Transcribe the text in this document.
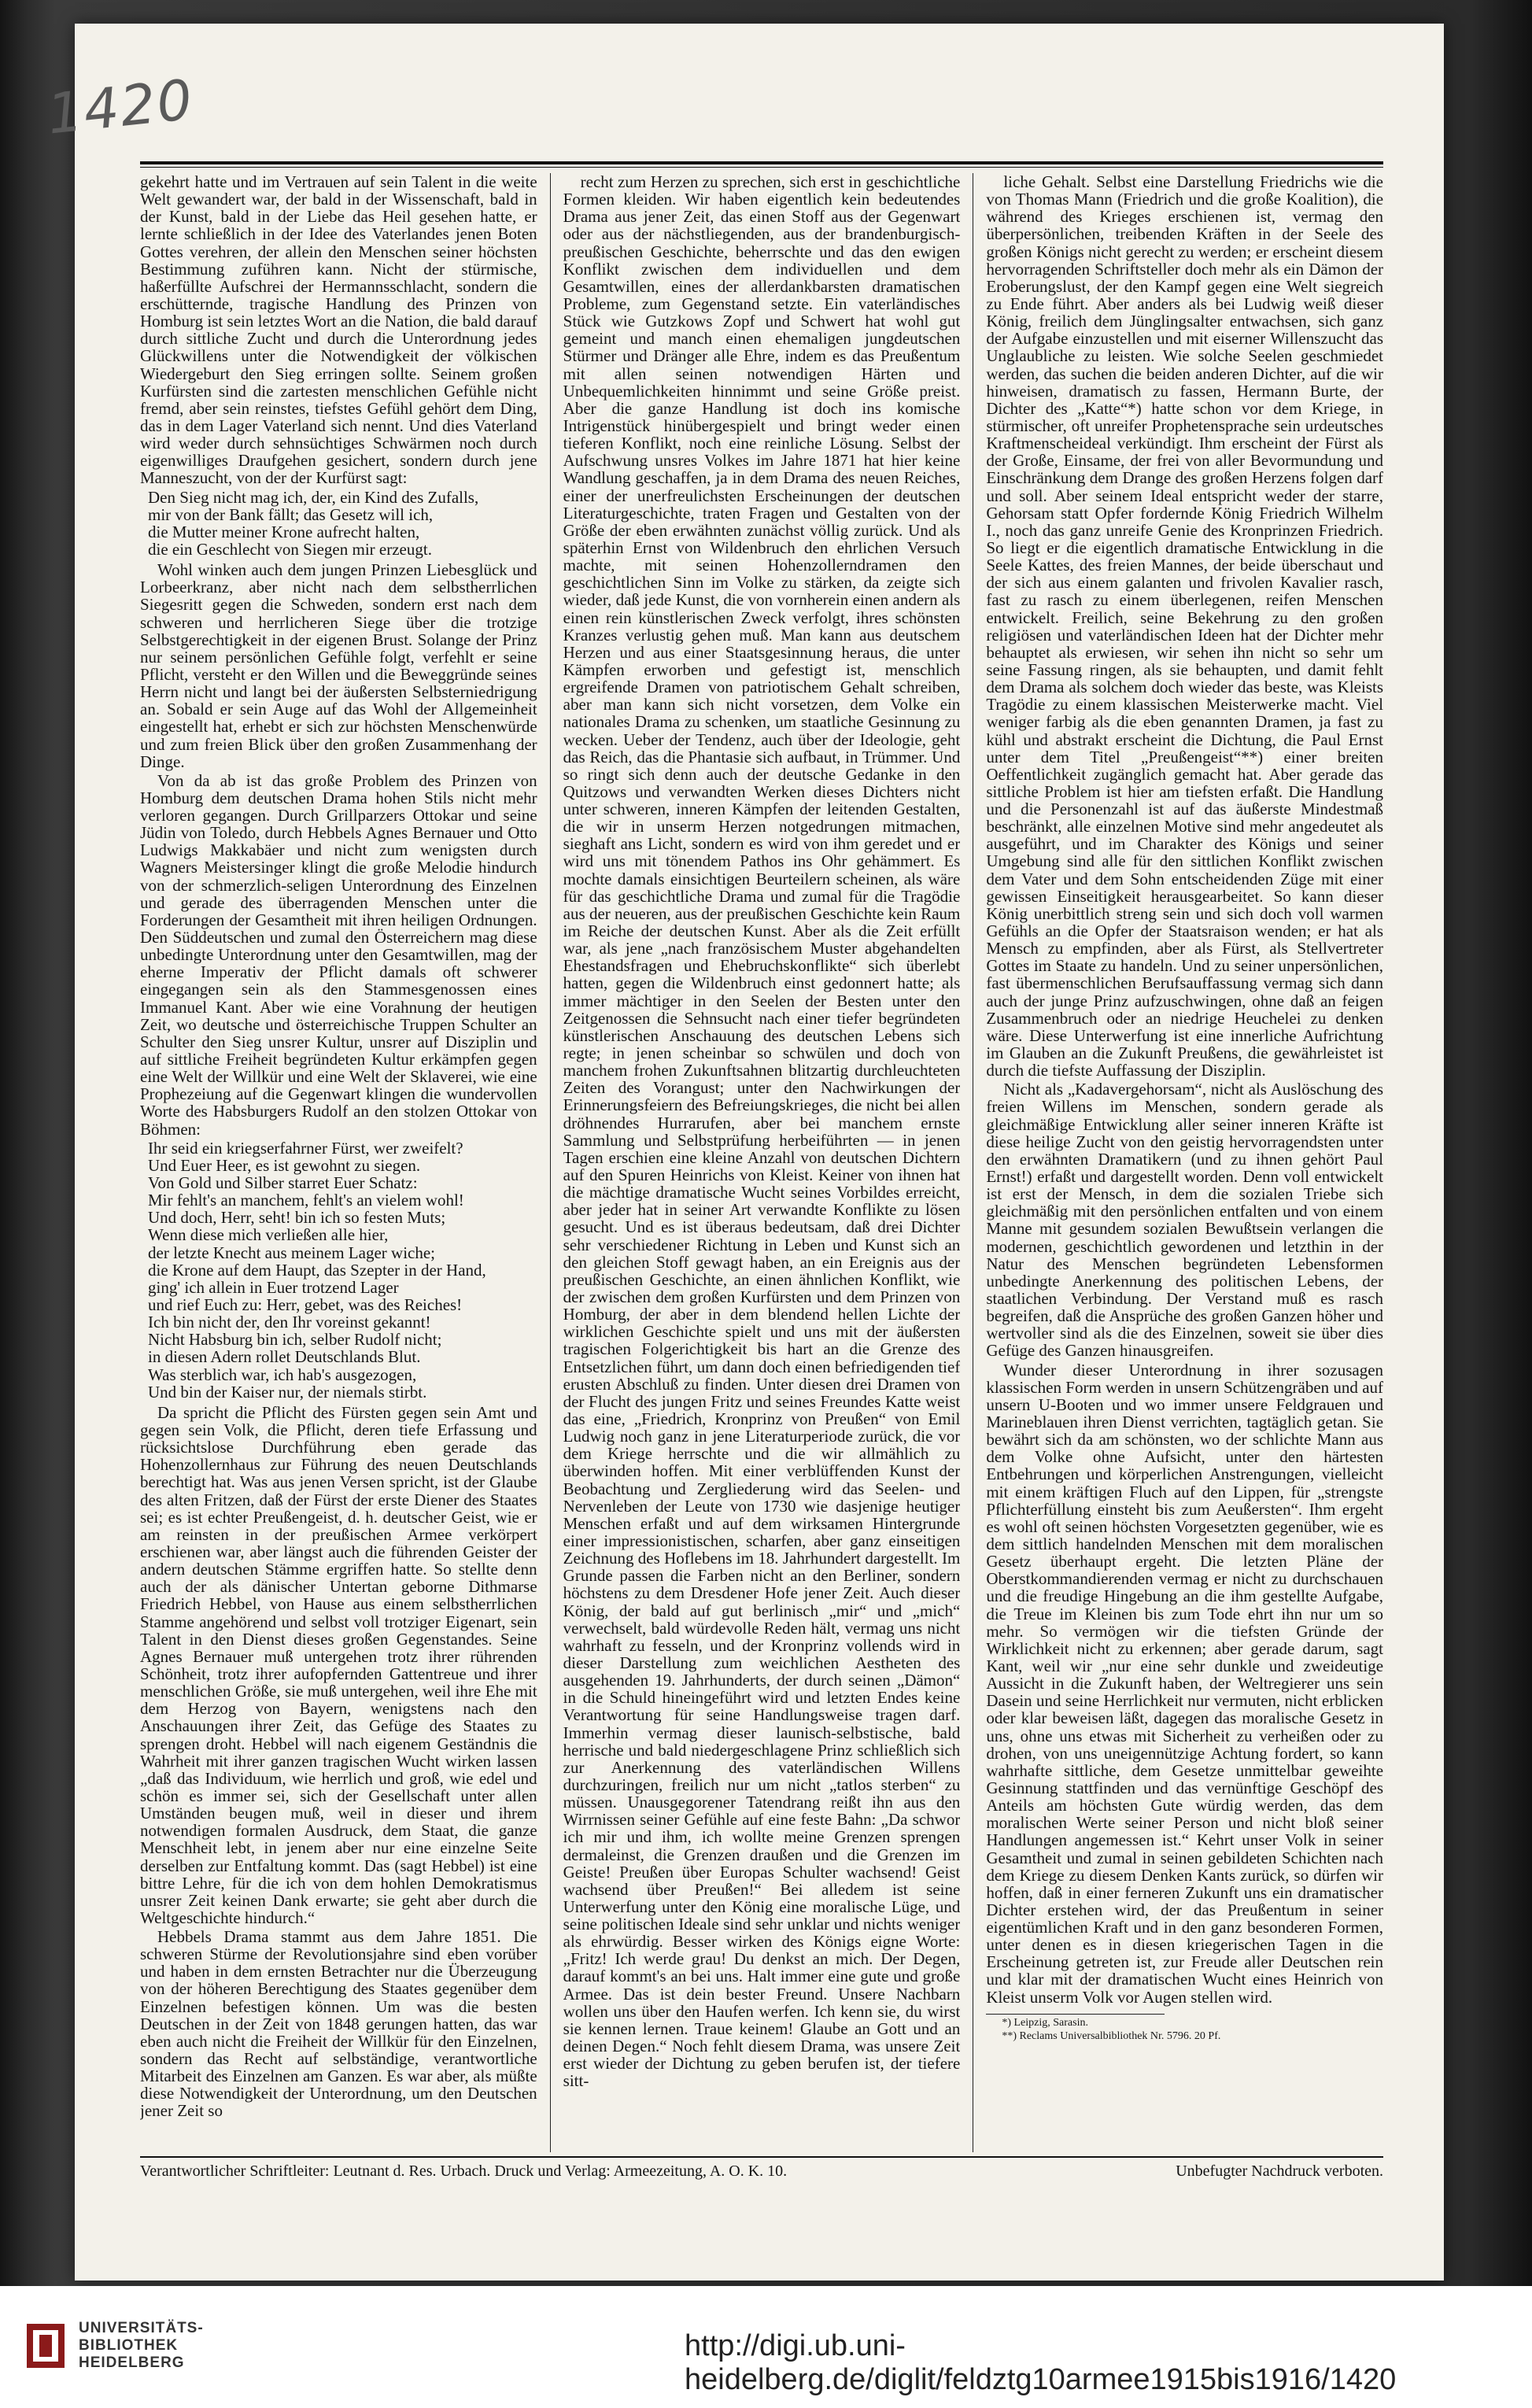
1420

gekehrt hatte und im Vertrauen auf sein Talent in die weite Welt gewandert war, der bald in der Wissenschaft, bald in der Kunst, bald in der Liebe das Heil gesehen hatte, er lernte schließlich in der Idee des Vaterlandes jenen Boten Gottes verehren, der allein den Menschen seiner höchsten Bestimmung zuführen kann. Nicht der stürmische, haßerfüllte Aufschrei der Hermannsschlacht, sondern die erschütternde, tragische Handlung des Prinzen von Homburg ist sein letztes Wort an die Nation, die bald darauf durch sittliche Zucht und durch die Unterordnung jedes Glückwillens unter die Notwendigkeit der völkischen Wiedergeburt den Sieg erringen sollte. Seinem großen Kurfürsten sind die zartesten menschlichen Gefühle nicht fremd, aber sein reinstes, tiefstes Gefühl gehört dem Ding, das in dem Lager Vaterland sich nennt. Und dies Vaterland wird weder durch sehnsüchtiges Schwärmen noch durch eigenwilliges Draufgehen gesichert, sondern durch jene Manneszucht, von der der Kurfürst sagt:

Den Sieg nicht mag ich, der, ein Kind des Zufalls,
mir von der Bank fällt; das Gesetz will ich,
die Mutter meiner Krone aufrecht halten,
die ein Geschlecht von Siegen mir erzeugt.

Wohl winken auch dem jungen Prinzen Liebesglück und Lorbeerkranz, aber nicht nach dem selbstherrlichen Siegesritt gegen die Schweden, sondern erst nach dem schweren und herrlicheren Siege über die trotzige Selbstgerechtigkeit in der eigenen Brust. Solange der Prinz nur seinem persönlichen Gefühle folgt, verfehlt er seine Pflicht, versteht er den Willen und die Beweggründe seines Herrn nicht und langt bei der äußersten Selbsterniedrigung an. Sobald er sein Auge auf das Wohl der Allgemeinheit eingestellt hat, erhebt er sich zur höchsten Menschenwürde und zum freien Blick über den großen Zusammenhang der Dinge.

Von da ab ist das große Problem des Prinzen von Homburg dem deutschen Drama hohen Stils nicht mehr verloren gegangen. Durch Grillparzers Ottokar und seine Jüdin von Toledo, durch Hebbels Agnes Bernauer und Otto Ludwigs Makkabäer und nicht zum wenigsten durch Wagners Meistersinger klingt die große Melodie hindurch von der schmerzlich-seligen Unterordnung des Einzelnen und gerade des überragenden Menschen unter die Forderungen der Gesamtheit mit ihren heiligen Ordnungen. Den Süddeutschen und zumal den Österreichern mag diese unbedingte Unterordnung unter den Gesamtwillen, mag der eherne Imperativ der Pflicht damals oft schwerer eingegangen sein als den Stammesgenossen eines Immanuel Kant. Aber wie eine Vorahnung der heutigen Zeit, wo deutsche und österreichische Truppen Schulter an Schulter den Sieg unsrer Kultur, unsrer auf Disziplin und auf sittliche Freiheit begründeten Kultur erkämpfen gegen eine Welt der Willkür und eine Welt der Sklaverei, wie eine Prophezeiung auf die Gegenwart klingen die wundervollen Worte des Habsburgers Rudolf an den stolzen Ottokar von Böhmen:

Ihr seid ein kriegserfahrner Fürst, wer zweifelt?
Und Euer Heer, es ist gewohnt zu siegen.
Von Gold und Silber starret Euer Schatz:
Mir fehlt's an manchem, fehlt's an vielem wohl!
Und doch, Herr, seht! bin ich so festen Muts;
Wenn diese mich verließen alle hier,
der letzte Knecht aus meinem Lager wiche;
die Krone auf dem Haupt, das Szepter in der Hand,
ging' ich allein in Euer trotzend Lager
und rief Euch zu: Herr, gebet, was des Reiches!
Ich bin nicht der, den Ihr voreinst gekannt!
Nicht Habsburg bin ich, selber Rudolf nicht;
in diesen Adern rollet Deutschlands Blut.
Was sterblich war, ich hab's ausgezogen,
Und bin der Kaiser nur, der niemals stirbt.

Da spricht die Pflicht des Fürsten gegen sein Amt und gegen sein Volk, die Pflicht, deren tiefe Erfassung und rücksichtslose Durchführung eben gerade das Hohenzollernhaus zur Führung des neuen Deutschlands berechtigt hat. Was aus jenen Versen spricht, ist der Glaube des alten Fritzen, daß der Fürst der erste Diener des Staates sei; es ist echter Preußengeist, d. h. deutscher Geist, wie er am reinsten in der preußischen Armee verkörpert erschienen war, aber längst auch die führenden Geister der andern deutschen Stämme ergriffen hatte. So stellte denn auch der als dänischer Untertan geborne Dithmarse Friedrich Hebbel, von Hause aus einem selbstherrlichen Stamme angehörend und selbst voll trotziger Eigenart, sein Talent in den Dienst dieses großen Gegenstandes. Seine Agnes Bernauer muß untergehen trotz ihrer rührenden Schönheit, trotz ihrer aufopfernden Gattentreue und ihrer menschlichen Größe, sie muß untergehen, weil ihre Ehe mit dem Herzog von Bayern, wenigstens nach den Anschauungen ihrer Zeit, das Gefüge des Staates zu sprengen droht. Hebbel will nach eigenem Geständnis die Wahrheit mit ihrer ganzen tragischen Wucht wirken lassen „daß das Individuum, wie herrlich und groß, wie edel und schön es immer sei, sich der Gesellschaft unter allen Umständen beugen muß, weil in dieser und ihrem notwendigen formalen Ausdruck, dem Staat, die ganze Menschheit lebt, in jenem aber nur eine einzelne Seite derselben zur Entfaltung kommt. Das (sagt Hebbel) ist eine bittre Lehre, für die ich von dem hohlen Demokratismus unsrer Zeit keinen Dank erwarte; sie geht aber durch die Weltgeschichte hindurch.“

Hebbels Drama stammt aus dem Jahre 1851. Die schweren Stürme der Revolutionsjahre sind eben vorüber und haben in dem ernsten Betrachter nur die Überzeugung von der höheren Berechtigung des Staates gegenüber dem Einzelnen befestigen können. Um was die besten Deutschen in der Zeit von 1848 gerungen hatten, das war eben auch nicht die Freiheit der Willkür für den Einzelnen, sondern das Recht auf selbständige, verantwortliche Mitarbeit des Einzelnen am Ganzen. Es war aber, als müßte diese Notwendigkeit der Unterordnung, um den Deutschen jener Zeit so

recht zum Herzen zu sprechen, sich erst in geschichtliche Formen kleiden. Wir haben eigentlich kein bedeutendes Drama aus jener Zeit, das einen Stoff aus der Gegenwart oder aus der nächstliegenden, aus der brandenburgisch-preußischen Geschichte, beherrschte und das den ewigen Konflikt zwischen dem individuellen und dem Gesamtwillen, eines der allerdankbarsten dramatischen Probleme, zum Gegenstand setzte. Ein vaterländisches Stück wie Gutzkows Zopf und Schwert hat wohl gut gemeint und manch einen ehemaligen jungdeutschen Stürmer und Dränger alle Ehre, indem es das Preußentum mit allen seinen notwendigen Härten und Unbequemlichkeiten hinnimmt und seine Größe preist. Aber die ganze Handlung ist doch ins komische Intrigenstück hinübergespielt und bringt weder einen tieferen Konflikt, noch eine reinliche Lösung. Selbst der Aufschwung unsres Volkes im Jahre 1871 hat hier keine Wandlung geschaffen, ja in dem Drama des neuen Reiches, einer der unerfreulichsten Erscheinungen der deutschen Literaturgeschichte, traten Fragen und Gestalten von der Größe der eben erwähnten zunächst völlig zurück. Und als späterhin Ernst von Wildenbruch den ehrlichen Versuch machte, mit seinen Hohenzollerndramen den geschichtlichen Sinn im Volke zu stärken, da zeigte sich wieder, daß jede Kunst, die von vornherein einen andern als einen rein künstlerischen Zweck verfolgt, ihres schönsten Kranzes verlustig gehen muß. Man kann aus deutschem Herzen und aus einer Staatsgesinnung heraus, die unter Kämpfen erworben und gefestigt ist, menschlich ergreifende Dramen von patriotischem Gehalt schreiben, aber man kann sich nicht vorsetzen, dem Volke ein nationales Drama zu schenken, um staatliche Gesinnung zu wecken. Ueber der Tendenz, auch über der Ideologie, geht das Reich, das die Phantasie sich aufbaut, in Trümmer. Und so ringt sich denn auch der deutsche Gedanke in den Quitzows und verwandten Werken dieses Dichters nicht unter schweren, inneren Kämpfen der leitenden Gestalten, die wir in unserm Herzen notgedrungen mitmachen, sieghaft ans Licht, sondern es wird von ihm geredet und er wird uns mit tönendem Pathos ins Ohr gehämmert. Es mochte damals einsichtigen Beurteilern scheinen, als wäre für das geschichtliche Drama und zumal für die Tragödie aus der neueren, aus der preußischen Geschichte kein Raum im Reiche der deutschen Kunst. Aber als die Zeit erfüllt war, als jene „nach französischem Muster abgehandelten Ehestandsfragen und Ehebruchskonflikte“ sich überlebt hatten, gegen die Wildenbruch einst gedonnert hatte; als immer mächtiger in den Seelen der Besten unter den Zeitgenossen die Sehnsucht nach einer tiefer begründeten künstlerischen Anschauung des deutschen Lebens sich regte; in jenen scheinbar so schwülen und doch von manchem frohen Zukunftsahnen blitzartig durchleuchteten Zeiten des Vorangust; unter den Nachwirkungen der Erinnerungsfeiern des Befreiungskrieges, die nicht bei allen dröhnendes Hurrarufen, aber bei manchem ernste Sammlung und Selbstprüfung herbeiführten — in jenen Tagen erschien eine kleine Anzahl von deutschen Dichtern auf den Spuren Heinrichs von Kleist. Keiner von ihnen hat die mächtige dramatische Wucht seines Vorbildes erreicht, aber jeder hat in seiner Art verwandte Konflikte zu lösen gesucht. Und es ist überaus bedeutsam, daß drei Dichter sehr verschiedener Richtung in Leben und Kunst sich an den gleichen Stoff gewagt haben, an ein Ereignis aus der preußischen Geschichte, an einen ähnlichen Konflikt, wie der zwischen dem großen Kurfürsten und dem Prinzen von Homburg, der aber in dem blendend hellen Lichte der wirklichen Geschichte spielt und uns mit der äußersten tragischen Folgerichtigkeit bis hart an die Grenze des Entsetzlichen führt, um dann doch einen befriedigenden tief erusten Abschluß zu finden. Unter diesen drei Dramen von der Flucht des jungen Fritz und seines Freundes Katte weist das eine, „Friedrich, Kronprinz von Preußen“ von Emil Ludwig noch ganz in jene Literaturperiode zurück, die vor dem Kriege herrschte und die wir allmählich zu überwinden hoffen. Mit einer verblüffenden Kunst der Beobachtung und Zergliederung wird das Seelen- und Nervenleben der Leute von 1730 wie dasjenige heutiger Menschen erfaßt und auf dem wirksamen Hintergrunde einer impressionistischen, scharfen, aber ganz einseitigen Zeichnung des Hoflebens im 18. Jahrhundert dargestellt. Im Grunde passen die Farben nicht an den Berliner, sondern höchstens zu dem Dresdener Hofe jener Zeit. Auch dieser König, der bald auf gut berlinisch „mir“ und „mich“ verwechselt, bald würdevolle Reden hält, vermag uns nicht wahrhaft zu fesseln, und der Kronprinz vollends wird in dieser Darstellung zum weichlichen Aestheten des ausgehenden 19. Jahrhunderts, der durch seinen „Dämon“ in die Schuld hineingeführt wird und letzten Endes keine Verantwortung für seine Handlungsweise tragen darf. Immerhin vermag dieser launisch-selbstische, bald herrische und bald niedergeschlagene Prinz schließlich sich zur Anerkennung des vaterländischen Willens durchzuringen, freilich nur um nicht „tatlos sterben“ zu müssen. Unausgegorener Tatendrang reißt ihn aus den Wirrnissen seiner Gefühle auf eine feste Bahn: „Da schwor ich mir und ihm, ich wollte meine Grenzen sprengen dermaleinst, die Grenzen draußen und die Grenzen im Geiste! Preußen über Europas Schulter wachsend! Geist wachsend über Preußen!“ Bei alledem ist seine Unterwerfung unter den König eine moralische Lüge, und seine politischen Ideale sind sehr unklar und nichts weniger als ehrwürdig. Besser wirken des Königs eigne Worte: „Fritz! Ich werde grau! Du denkst an mich. Der Degen, darauf kommt's an bei uns. Halt immer eine gute und große Armee. Das ist dein bester Freund. Unsere Nachbarn wollen uns über den Haufen werfen. Ich kenn sie, du wirst sie kennen lernen. Traue keinem! Glaube an Gott und an deinen Degen.“ Noch fehlt diesem Drama, was unsere Zeit erst wieder der Dichtung zu geben berufen ist, der tiefere sitt-

liche Gehalt. Selbst eine Darstellung Friedrichs wie die von Thomas Mann (Friedrich und die große Koalition), die während des Krieges erschienen ist, vermag den überpersönlichen, treibenden Kräften in der Seele des großen Königs nicht gerecht zu werden; er erscheint diesem hervorragenden Schriftsteller doch mehr als ein Dämon der Eroberungslust, der den Kampf gegen eine Welt siegreich zu Ende führt. Aber anders als bei Ludwig weiß dieser König, freilich dem Jünglingsalter entwachsen, sich ganz der Aufgabe einzustellen und mit eiserner Willenszucht das Unglaubliche zu leisten. Wie solche Seelen geschmiedet werden, das suchen die beiden anderen Dichter, auf die wir hinweisen, dramatisch zu fassen, Hermann Burte, der Dichter des „Katte“*) hatte schon vor dem Kriege, in stürmischer, oft unreifer Prophetensprache sein urdeutsches Kraftmenscheideal verkündigt. Ihm erscheint der Fürst als der Große, Einsame, der frei von aller Bevormundung und Einschränkung dem Drange des großen Herzens folgen darf und soll. Aber seinem Ideal entspricht weder der starre, Gehorsam statt Opfer fordernde König Friedrich Wilhelm I., noch das ganz unreife Genie des Kronprinzen Friedrich. So liegt er die eigentlich dramatische Entwicklung in die Seele Kattes, des freien Mannes, der beide überschaut und der sich aus einem galanten und frivolen Kavalier rasch, fast zu rasch zu einem überlegenen, reifen Menschen entwickelt. Freilich, seine Bekehrung zu den großen religiösen und vaterländischen Ideen hat der Dichter mehr behauptet als erwiesen, wir sehen ihn nicht so sehr um seine Fassung ringen, als sie behaupten, und damit fehlt dem Drama als solchem doch wieder das beste, was Kleists Tragödie zu einem klassischen Meisterwerke macht. Viel weniger farbig als die eben genannten Dramen, ja fast zu kühl und abstrakt erscheint die Dichtung, die Paul Ernst unter dem Titel „Preußengeist“**) einer breiten Oeffentlichkeit zugänglich gemacht hat. Aber gerade das sittliche Problem ist hier am tiefsten erfaßt. Die Handlung und die Personenzahl ist auf das äußerste Mindestmaß beschränkt, alle einzelnen Motive sind mehr angedeutet als ausgeführt, und im Charakter des Königs und seiner Umgebung sind alle für den sittlichen Konflikt zwischen dem Vater und dem Sohn entscheidenden Züge mit einer gewissen Einseitigkeit herausgearbeitet. So kann dieser König unerbittlich streng sein und sich doch voll warmen Gefühls an die Opfer der Staatsraison wenden; er hat als Mensch zu empfinden, aber als Fürst, als Stellvertreter Gottes im Staate zu handeln. Und zu seiner unpersönlichen, fast übermenschlichen Berufsauffassung vermag sich dann auch der junge Prinz aufzuschwingen, ohne daß an feigen Zusammenbruch oder an niedrige Heuchelei zu denken wäre. Diese Unterwerfung ist eine innerliche Aufrichtung im Glauben an die Zukunft Preußens, die gewährleistet ist durch die tiefste Auffassung der Disziplin.

Nicht als „Kadavergehorsam“, nicht als Auslöschung des freien Willens im Menschen, sondern gerade als gleichmäßige Entwicklung aller seiner inneren Kräfte ist diese heilige Zucht von den geistig hervorragendsten unter den erwähnten Dramatikern (und zu ihnen gehört Paul Ernst!) erfaßt und dargestellt worden. Denn voll entwickelt ist erst der Mensch, in dem die sozialen Triebe sich gleichmäßig mit den persönlichen entfalten und von einem Manne mit gesundem sozialen Bewußtsein verlangen die modernen, geschichtlich gewordenen und letzthin in der Natur des Menschen begründeten Lebensformen unbedingte Anerkennung des politischen Lebens, der staatlichen Verbindung. Der Verstand muß es rasch begreifen, daß die Ansprüche des großen Ganzen höher und wertvoller sind als die des Einzelnen, soweit sie über dies Gefüge des Ganzen hinausgreifen.

Wunder dieser Unterordnung in ihrer sozusagen klassischen Form werden in unsern Schützengräben und auf unsern U-Booten und wo immer unsere Feldgrauen und Marineblauen ihren Dienst verrichten, tagtäglich getan. Sie bewährt sich da am schönsten, wo der schlichte Mann aus dem Volke ohne Aufsicht, unter den härtesten Entbehrungen und körperlichen Anstrengungen, vielleicht mit einem kräftigen Fluch auf den Lippen, für „strengste Pflichterfüllung einsteht bis zum Aeußersten“. Ihm ergeht es wohl oft seinen höchsten Vorgesetzten gegenüber, wie es dem sittlich handelnden Menschen mit dem moralischen Gesetz überhaupt ergeht. Die letzten Pläne der Oberstkommandierenden vermag er nicht zu durchschauen und die freudige Hingebung an die ihm gestellte Aufgabe, die Treue im Kleinen bis zum Tode ehrt ihn nur um so mehr. So vermögen wir die tiefsten Gründe der Wirklichkeit nicht zu erkennen; aber gerade darum, sagt Kant, weil wir „nur eine sehr dunkle und zweideutige Aussicht in die Zukunft haben, der Weltregierer uns sein Dasein und seine Herrlichkeit nur vermuten, nicht erblicken oder klar beweisen läßt, dagegen das moralische Gesetz in uns, ohne uns etwas mit Sicherheit zu verheißen oder zu drohen, von uns uneigennützige Achtung fordert, so kann wahrhafte sittliche, dem Gesetze unmittelbar geweihte Gesinnung stattfinden und das vernünftige Geschöpf des Anteils am höchsten Gute würdig werden, das dem moralischen Werte seiner Person und nicht bloß seiner Handlungen angemessen ist.“ Kehrt unser Volk in seiner Gesamtheit und zumal in seinen gebildeten Schichten nach dem Kriege zu diesem Denken Kants zurück, so dürfen wir hoffen, daß in einer ferneren Zukunft uns ein dramatischer Dichter erstehen wird, der das Preußentum in seiner eigentümlichen Kraft und in den ganz besonderen Formen, unter denen es in diesen kriegerischen Tagen in die Erscheinung getreten ist, zur Freude aller Deutschen rein und klar mit der dramatischen Wucht eines Heinrich von Kleist unserm Volk vor Augen stellen wird.

*) Leipzig, Sarasin.

**) Reclams Universalbibliothek Nr. 5796. 20 Pf.

Verantwortlicher Schriftleiter: Leutnant d. Res. Urbach. Druck und Verlag: Armeezeitung, A. O. K. 10.	Unbefugter Nachdruck verboten.
UNIVERSITÄTS-
BIBLIOTHEK
HEIDELBERG
http://digi.ub.uni-heidelberg.de/diglit/feldztg10armee1915bis1916/1420
